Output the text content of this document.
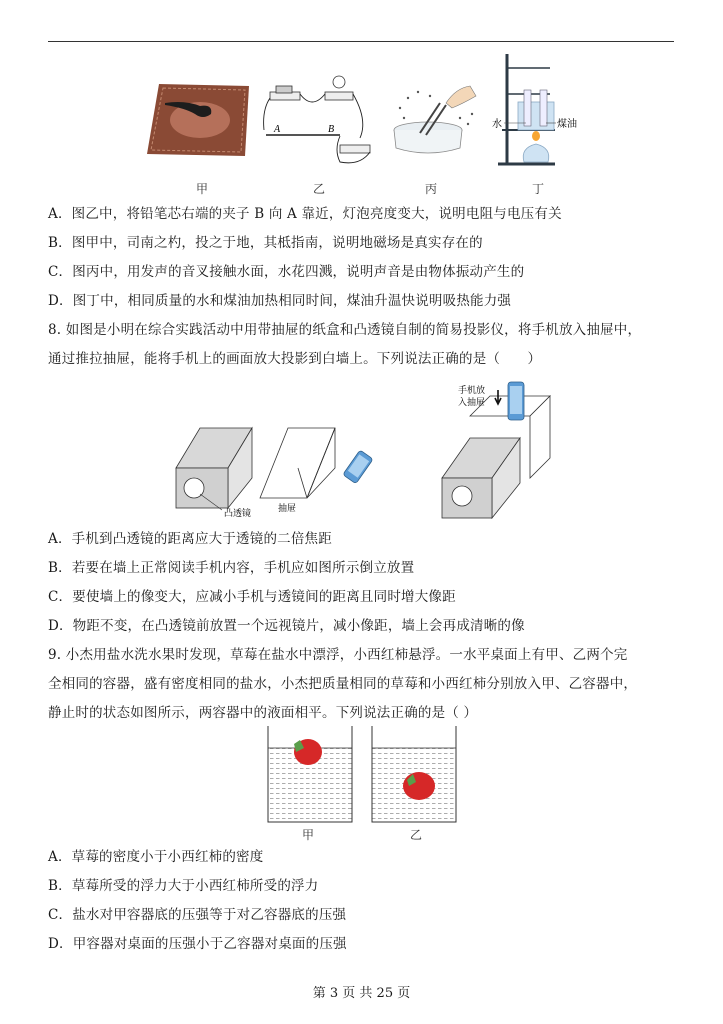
A	B	水	煤油
甲	乙	丙	丁
A．图乙中，将铅笔芯右端的夹子 B 向 A 靠近，灯泡亮度变大，说明电阻与电压有关
B．图甲中，司南之杓，投之于地，其柢指南，说明地磁场是真实存在的
C．图丙中，用发声的音叉接触水面，水花四溅，说明声音是由物体振动产生的
D．图丁中，相同质量的水和煤油加热相同时间，煤油升温快说明吸热能力强
8. 如图是小明在综合实践活动中用带抽屉的纸盒和凸透镜自制的简易投影仪，将手机放入抽屉中，
通过推拉抽屉，能将手机上的画面放大投影到白墙上。下列说法正确的是（　　）
凸透镜	抽屉
手机放
入抽屉
A．手机到凸透镜的距离应大于透镜的二倍焦距
B．若要在墙上正常阅读手机内容，手机应如图所示倒立放置
C．要使墙上的像变大，应减小手机与透镜间的距离且同时增大像距
D．物距不变，在凸透镜前放置一个远视镜片，减小像距，墙上会再成清晰的像
9. 小杰用盐水洗水果时发现，草莓在盐水中漂浮，小西红柿悬浮。一水平桌面上有甲、乙两个完
全相同的容器，盛有密度相同的盐水，小杰把质量相同的草莓和小西红柿分别放入甲、乙容器中，
静止时的状态如图所示，两容器中的液面相平。下列说法正确的是（ ）
甲	乙
A．草莓的密度小于小西红柿的密度
B．草莓所受的浮力大于小西红柿所受的浮力
C．盐水对甲容器底的压强等于对乙容器底的压强
D．甲容器对桌面的压强小于乙容器对桌面的压强
第 3 页 共 25 页
